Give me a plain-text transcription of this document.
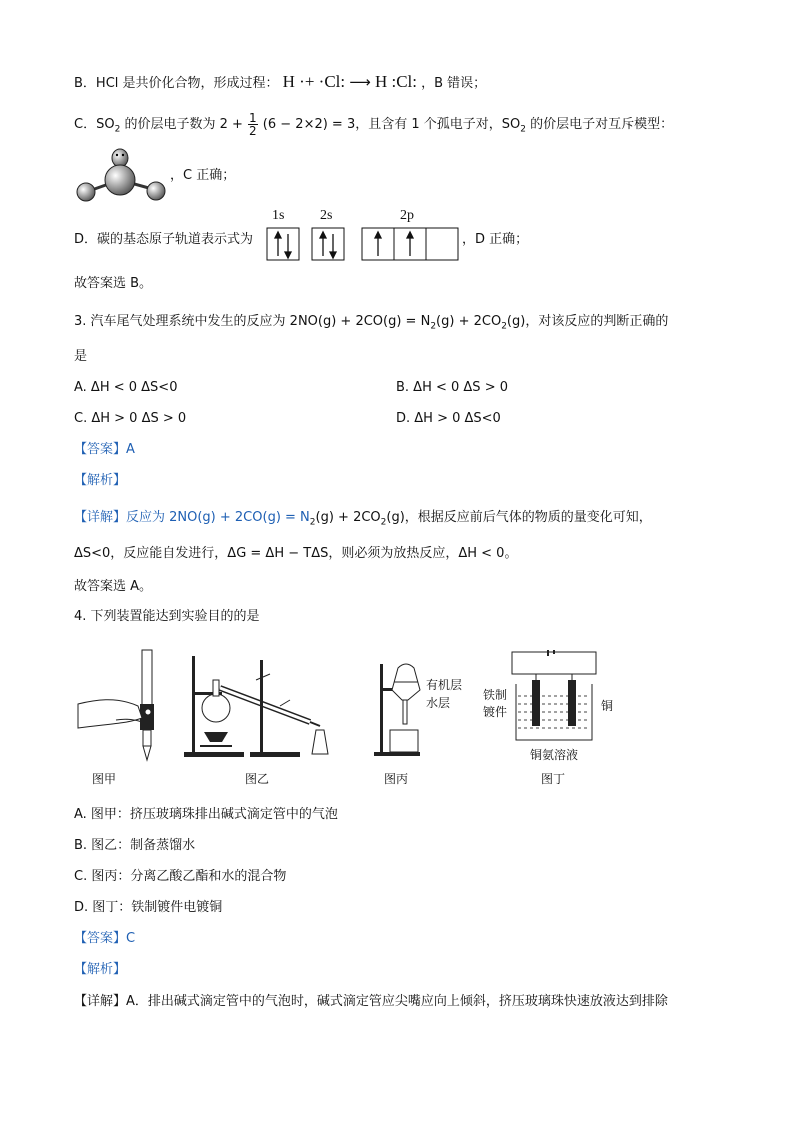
B．HCl 是共价化合物，形成过程： H ·+ ·Cl: ⟶ H :Cl: ，B 错误；
C．$SO_2$ 的价层电子数为 $2 + \frac{1}{2} (6 - 2\times 2) = 3$，且含有 1 个孤电子对，$SO_2$ 的价层电子对互斥模型：
，C 正确；
D．碳的基态原子轨道表示式为
1s	2s	2p
，D 正确；
故答案选 B。
3. 汽车尾气处理系统中发生的反应为 $2NO(g) + 2CO(g) = N_2(g) + 2CO_2(g)$，对该反应的判断正确的
是
A. ΔH < 0 ΔS<0	B. ΔH < 0 ΔS > 0
C. ΔH > 0 ΔS > 0	D. ΔH > 0 ΔS<0
【答案】A
【解析】
【详解】反应为 $2NO(g) + 2CO(g) = N_2(g) + 2CO_2(g)$，根据反应前后气体的物质的量变化可知，
ΔS<0，反应能自发进行，ΔG = ΔH − TΔS，则必须为放热反应，ΔH < 0。
故答案选 A。
4. 下列装置能达到实验目的的是
图甲	图乙
有机层
水层
图丙
铁制
镀件	铜
铜氨溶液
图丁
A. 图甲：挤压玻璃珠排出碱式滴定管中的气泡
B. 图乙：制备蒸馏水
C. 图丙：分离乙酸乙酯和水的混合物
D. 图丁：铁制镀件电镀铜
【答案】C
【解析】
【详解】A．排出碱式滴定管中的气泡时，碱式滴定管应尖嘴应向上倾斜，挤压玻璃珠快速放液达到排除
